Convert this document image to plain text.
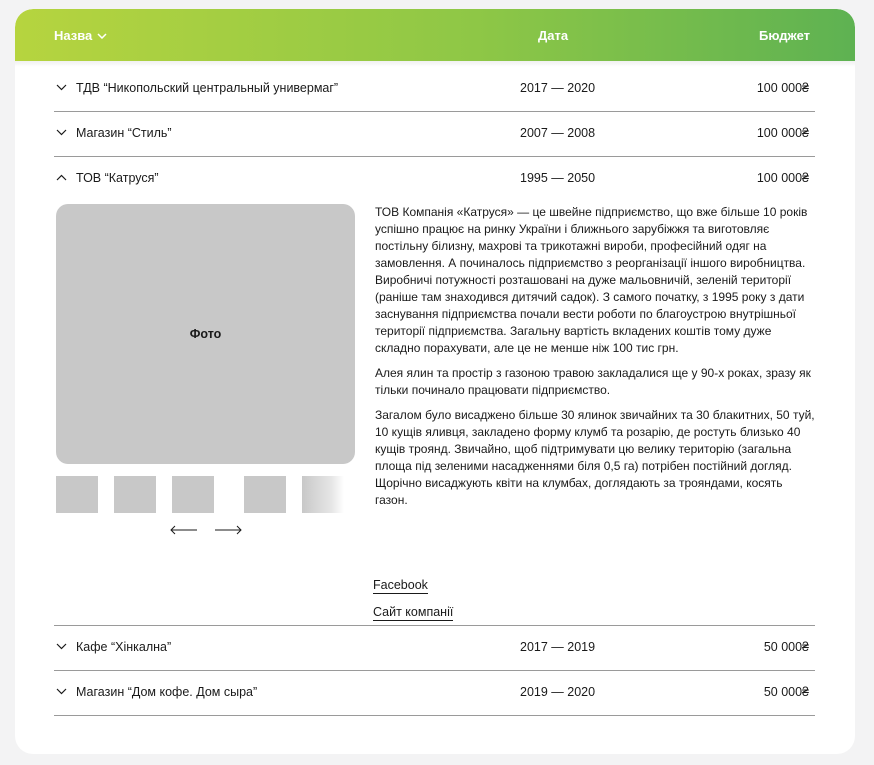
Назва	Дата	Бюджет
ТДВ “Никопольский центральный универмаг”	2017 — 2020	100 000₴
Магазин “Стиль”	2007 — 2008	100 000₴
ТОВ “Катруся”	1995 — 2050	100 000₴
Фото

ТОВ Компанія «Катруся» — це швейне підприємство, що вже більше 10 років успішно працює на ринку України і ближнього зарубіжжя та виготовляє постільну білизну, махрові та трикотажні вироби, професійний одяг на замовлення. А починалось підприємство з реорганізації іншого виробництва. Виробничі потужності розташовані на дуже мальовничій, зеленій території (раніше там знаходився дитячий садок). З самого початку, з 1995 року з дати заснування підприємства почали вести роботи по благоустрою внутрішньої території підприємства. Загальну вартість вкладених коштів тому дуже складно порахувати, але це не менше ніж 100 тис грн.

Алея ялин та простір з газоною травою закладалися ще у 90-х роках, зразу як тільки починало працювати підприємство.

Загалом було висаджено більше 30 ялинок звичайних та 30 блакитних, 50 туй, 10 кущів яливця, закладено форму клумб та розарію, де ростуть близько 40 кущів троянд. Звичайно, щоб підтримувати цю велику територію (загальна площа під зеленими насадженнями біля 0,5 га) потрібен постійний догляд. Щорічно висаджують квіти на клумбах, доглядають за трояндами, косять газон.

Facebook
Сайт компанії
Кафе “Хінкална”	2017 — 2019	50 000₴
Магазин “Дом кофе. Дом сыра”	2019 — 2020	50 000₴
